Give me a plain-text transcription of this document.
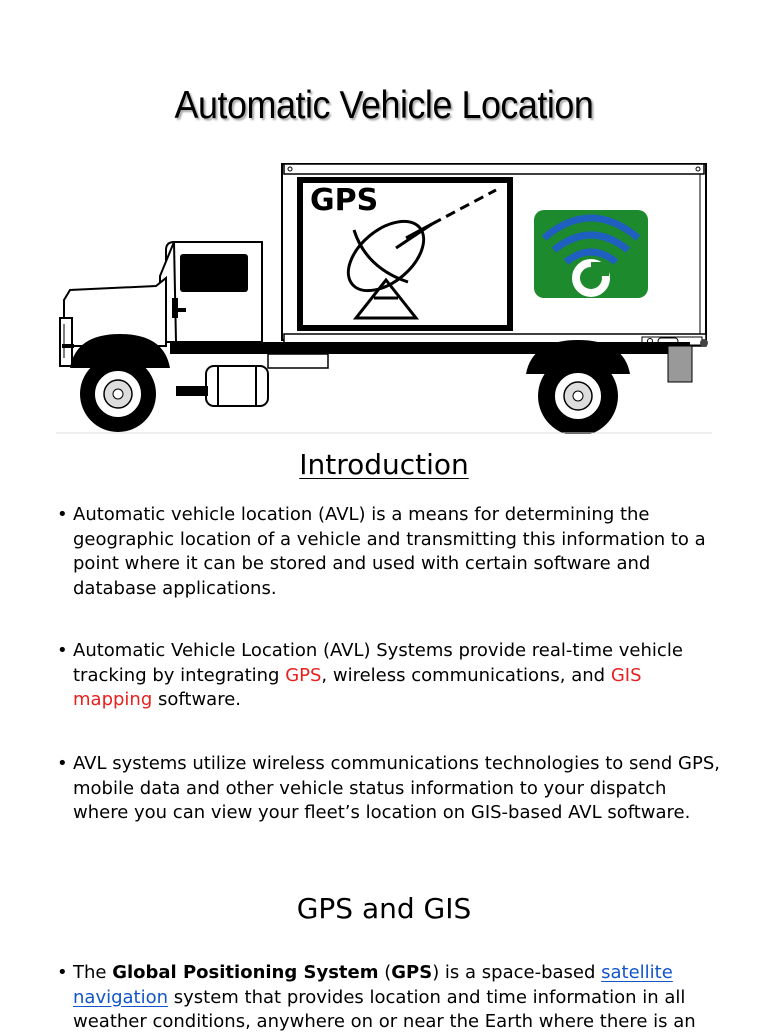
Automatic Vehicle Location
GPS
Introduction
• Automatic vehicle location (AVL) is a means for determining the geographic location of a vehicle and transmitting this information to a point where it can be stored and used with certain software and database applications.
• Automatic Vehicle Location (AVL) Systems provide real-time vehicle tracking by integrating GPS, wireless communications, and GIS mapping software.
• AVL systems utilize wireless communications technologies to send GPS, mobile data and other vehicle status information to your dispatch where you can view your fleet’s location on GIS-based AVL software.
GPS and GIS
• The Global Positioning System (GPS) is a space-based satellite navigation system that provides location and time information in all weather conditions, anywhere on or near the Earth where there is an
